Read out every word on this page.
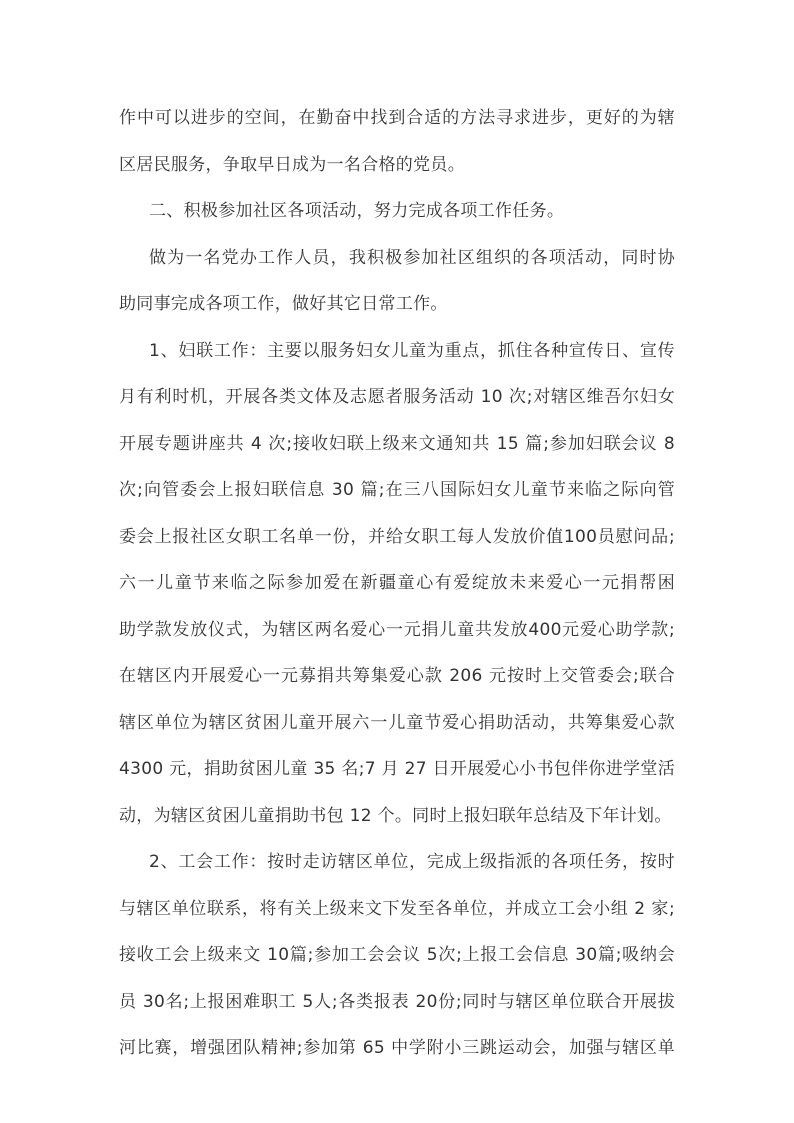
作中可以进步的空间，在勤奋中找到合适的方法寻求进步，更好的为辖
区居民服务，争取早日成为一名合格的党员。
二、积极参加社区各项活动，努力完成各项工作任务。
做为一名党办工作人员，我积极参加社区组织的各项活动，同时协
助同事完成各项工作，做好其它日常工作。
1、妇联工作：主要以服务妇女儿童为重点，抓住各种宣传日、宣传
月有利时机，开展各类文体及志愿者服务活动 10 次;对辖区维吾尔妇女
开展专题讲座共 4 次;接收妇联上级来文通知共 15 篇;参加妇联会议 8
次;向管委会上报妇联信息 30 篇;在三八国际妇女儿童节来临之际向管
委会上报社区女职工名单一份，并给女职工每人发放价值100员慰问品;
六一儿童节来临之际参加爱在新疆童心有爱绽放未来爱心一元捐帮困
助学款发放仪式，为辖区两名爱心一元捐儿童共发放400元爱心助学款;
在辖区内开展爱心一元募捐共筹集爱心款 206 元按时上交管委会;联合
辖区单位为辖区贫困儿童开展六一儿童节爱心捐助活动，共筹集爱心款
4300 元，捐助贫困儿童 35 名;7 月 27 日开展爱心小书包伴你进学堂活
动，为辖区贫困儿童捐助书包 12 个。同时上报妇联年总结及下年计划。
2、工会工作：按时走访辖区单位，完成上级指派的各项任务，按时
与辖区单位联系，将有关上级来文下发至各单位，并成立工会小组 2 家;
接收工会上级来文 10篇;参加工会会议 5次;上报工会信息 30篇;吸纳会
员 30名;上报困难职工 5人;各类报表 20份;同时与辖区单位联合开展拔
河比赛，增强团队精神;参加第 65 中学附小三跳运动会，加强与辖区单
